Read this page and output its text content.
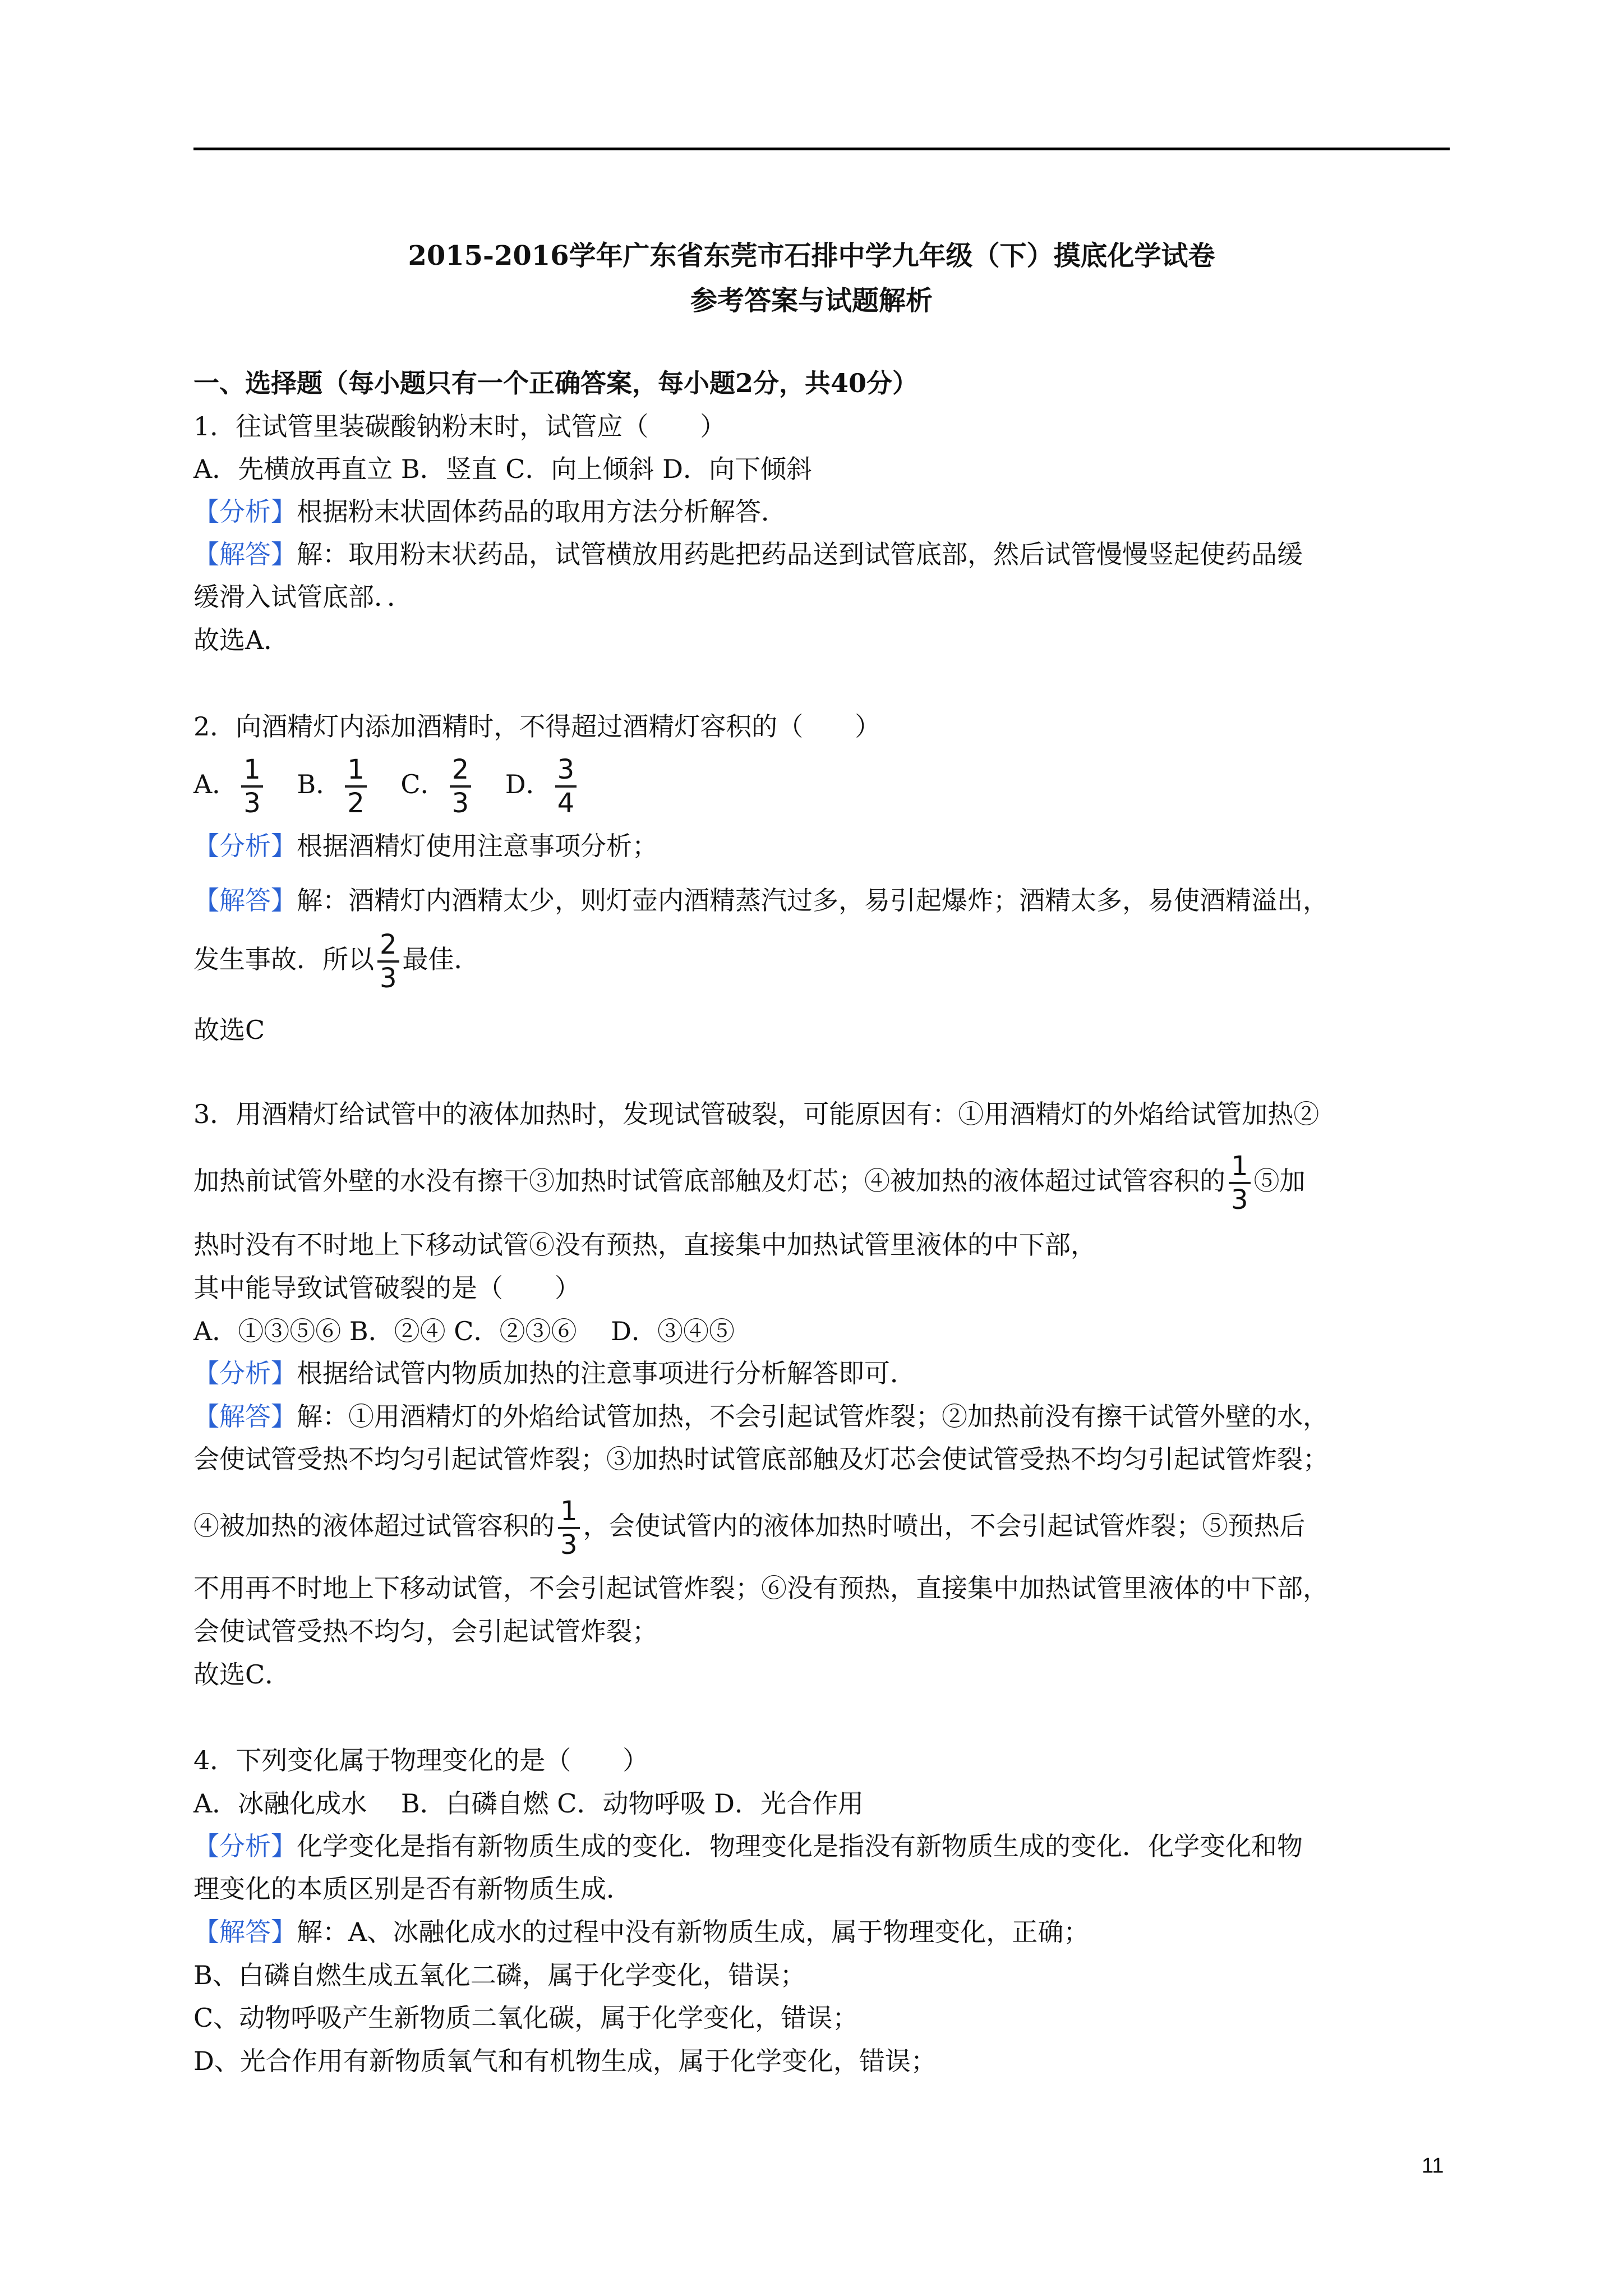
2015-2016学年广东省东莞市石排中学九年级（下）摸底化学试卷
参考答案与试题解析
一、选择题（每小题只有一个正确答案，每小题2分，共40分）
1．往试管里装碳酸钠粉末时，试管应（　　）
A．先横放再直立 B．竖直 C．向上倾斜 D．向下倾斜
【分析】根据粉末状固体药品的取用方法分析解答．
【解答】解：取用粉末状药品，试管横放用药匙把药品送到试管底部，然后试管慢慢竖起使药品缓
缓滑入试管底部．．
故选A．
2．向酒精灯内添加酒精时，不得超过酒精灯容积的（　　）
A． $\frac{1}{3}$ B． $\frac{1}{2}$ C． $\frac{2}{3}$ D． $\frac{3}{4}$
【分析】根据酒精灯使用注意事项分析；
【解答】解：酒精灯内酒精太少，则灯壶内酒精蒸汽过多，易引起爆炸；酒精太多，易使酒精溢出，
发生事故．所以 $\frac{2}{3}$ 最佳．
故选C
3．用酒精灯给试管中的液体加热时，发现试管破裂，可能原因有：①用酒精灯的外焰给试管加热②
加热前试管外壁的水没有擦干③加热时试管底部触及灯芯；④被加热的液体超过试管容积的 $\frac{1}{3}$ ⑤加
热时没有不时地上下移动试管⑥没有预热，直接集中加热试管里液体的中下部，
其中能导致试管破裂的是（　　）
A．①③⑤⑥ B．②④ C．②③⑥　 D．③④⑤
【分析】根据给试管内物质加热的注意事项进行分析解答即可．
【解答】解：①用酒精灯的外焰给试管加热，不会引起试管炸裂；②加热前没有擦干试管外壁的水，
会使试管受热不均匀引起试管炸裂；③加热时试管底部触及灯芯会使试管受热不均匀引起试管炸裂；
④被加热的液体超过试管容积的 $\frac{1}{3}$ ，会使试管内的液体加热时喷出，不会引起试管炸裂；⑤预热后
不用再不时地上下移动试管，不会引起试管炸裂；⑥没有预热，直接集中加热试管里液体的中下部，
会使试管受热不均匀，会引起试管炸裂；
故选C．
4．下列变化属于物理变化的是（　　）
A．冰融化成水　 B．白磷自燃 C．动物呼吸 D．光合作用
【分析】化学变化是指有新物质生成的变化．物理变化是指没有新物质生成的变化．化学变化和物
理变化的本质区别是否有新物质生成．
【解答】解：A、冰融化成水的过程中没有新物质生成，属于物理变化，正确；
B、白磷自燃生成五氧化二磷，属于化学变化，错误；
C、动物呼吸产生新物质二氧化碳，属于化学变化，错误；
D、光合作用有新物质氧气和有机物生成，属于化学变化，错误；
11
